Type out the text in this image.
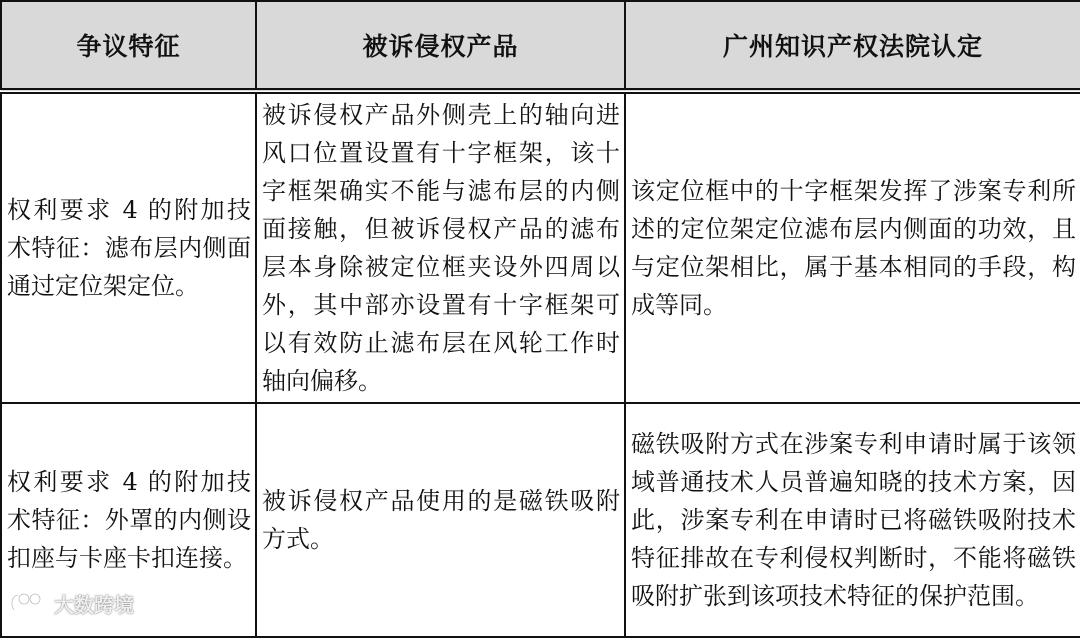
争议特征	被诉侵权产品	广州知识产权法院认定
权利要求 4 的附加技术特征：滤布层内侧面通过定位架定位。	被诉侵权产品外侧壳上的轴向进风口位置设置有十字框架，该十字框架确实不能与滤布层的内侧面接触，但被诉侵权产品的滤布层本身除被定位框夹设外四周以外，其中部亦设置有十字框架可以有效防止滤布层在风轮工作时轴向偏移。	该定位框中的十字框架发挥了涉案专利所述的定位架定位滤布层内侧面的功效，且与定位架相比，属于基本相同的手段，构成等同。
权利要求 4 的附加技术特征：外罩的内侧设扣座与卡座卡扣连接。	被诉侵权产品使用的是磁铁吸附方式。	磁铁吸附方式在涉案专利申请时属于该领域普通技术人员普遍知晓的技术方案，因此，涉案专利在申请时已将磁铁吸附技术特征排故在专利侵权判断时，不能将磁铁吸附扩张到该项技术特征的保护范围。
大数跨境
